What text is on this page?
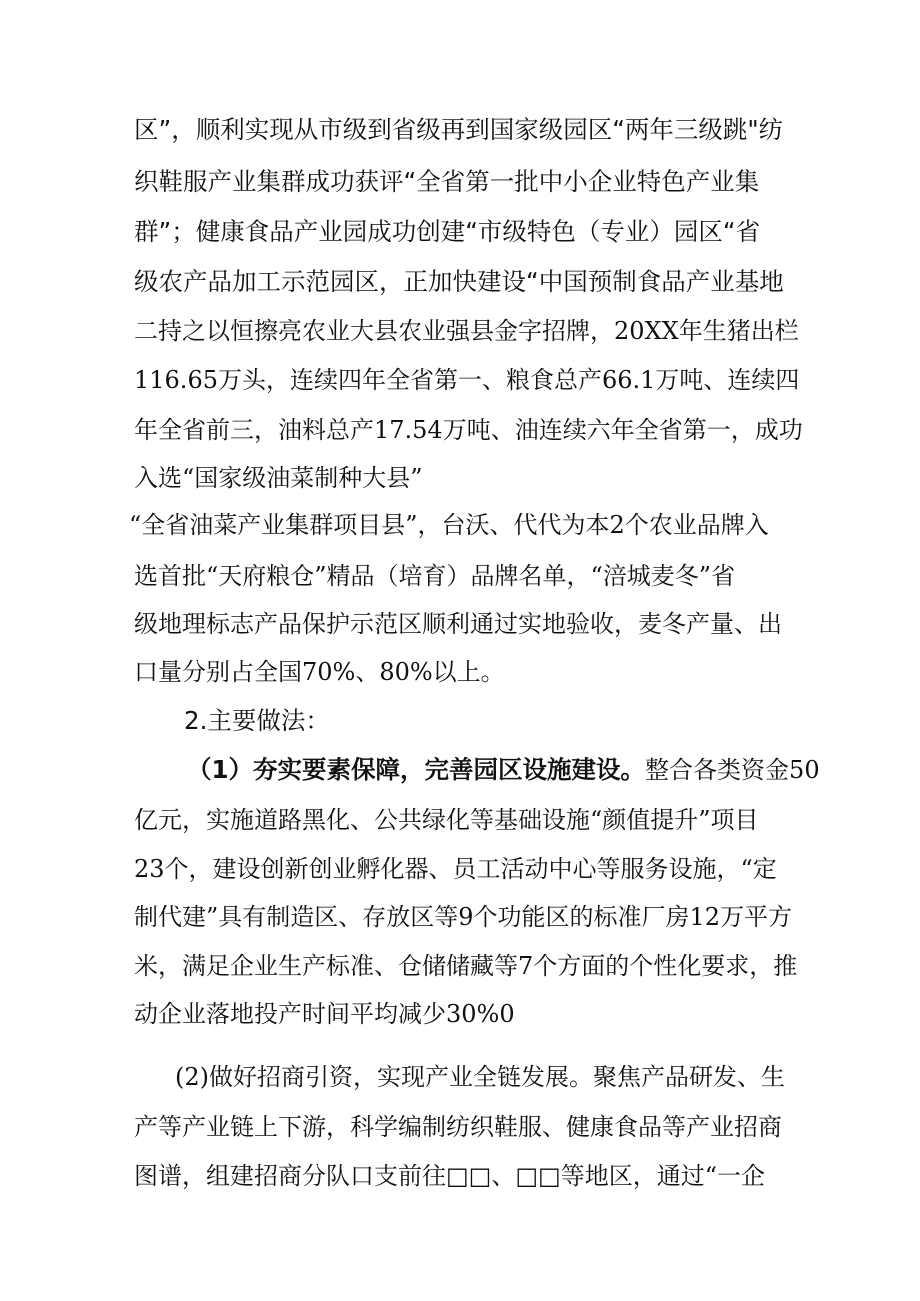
区”，顺利实现从市级到省级再到国家级园区“两年三级跳"纺
织鞋服产业集群成功获评“全省第一批中小企业特色产业集
群”；健康食品产业园成功创建“市级特色（专业）园区“省
级农产品加工示范园区，正加快建设“中国预制食品产业基地
二持之以恒擦亮农业大县农业强县金字招牌，20XX年生猪出栏
116.65万头，连续四年全省第一、粮食总产66.1万吨、连续四
年全省前三，油料总产17.54万吨、油连续六年全省第一，成功
入选“国家级油菜制种大县”
“全省油菜产业集群项目县”，台沃、代代为本2个农业品牌入
选首批“天府粮仓”精品（培育）品牌名单，“涪城麦冬”省
级地理标志产品保护示范区顺利通过实地验收，麦冬产量、出
口量分别占全国70%、80%以上。
2.主要做法：
（1）夯实要素保障，完善园区设施建设。整合各类资金50
亿元，实施道路黑化、公共绿化等基础设施“颜值提升”项目
23个，建设创新创业孵化器、员工活动中心等服务设施，“定
制代建”具有制造区、存放区等9个功能区的标准厂房12万平方
米，满足企业生产标准、仓储储藏等7个方面的个性化要求，推
动企业落地投产时间平均减少30%0
(2)做好招商引资，实现产业全链发展。聚焦产品研发、生
产等产业链上下游，科学编制纺织鞋服、健康食品等产业招商
图谱，组建招商分队口支前往□□、□□等地区，通过“一企
